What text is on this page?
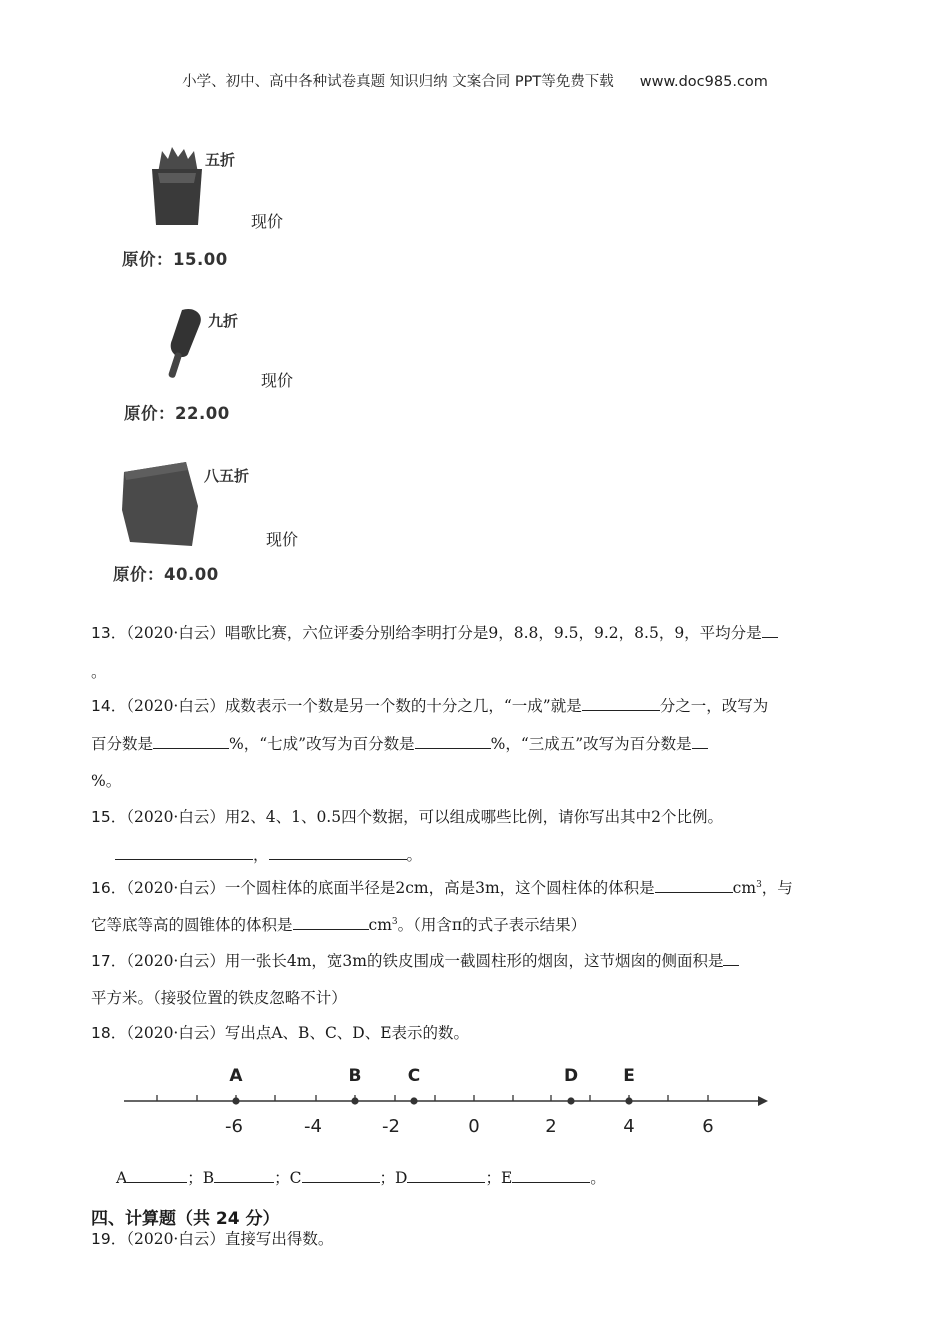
小学、初中、高中各种试卷真题 知识归纳 文案合同 PPT等免费下载 www.doc985.com
五折
现价
原价：15.00
九折
现价
原价：22.00
八五折
现价
原价：40.00
13．（2020·白云）唱歌比赛，六位评委分别给李明打分是9，8.8，9.5，9.2，8.5，9，平均分是
。
14．（2020·白云）成数表示一个数是另一个数的十分之几，“一成”就是	分之一，改写为
百分数是	%，“七成”改写为百分数是	%，“三成五”改写为百分数是
%。
15．（2020·白云）用2、4、1、0.5四个数据，可以组成哪些比例，请你写出其中2个比例。
，	。
16．（2020·白云）一个圆柱体的底面半径是2cm，高是3m，这个圆柱体的体积是	$cm^3$，与
它等底等高的圆锥体的体积是	$cm^3$。（用含π的式子表示结果）
17．（2020·白云）用一张长4m，宽3m的铁皮围成一截圆柱形的烟囱，这节烟囱的侧面积是
平方米。（接驳位置的铁皮忽略不计）
18．（2020·白云）写出点A、B、C、D、E表示的数。
-6	-4	-2	0	2	4	6
A	B	C	D	E
A	；B	；C	；D	；E	。
四、计算题（共 24 分）
19．（2020·白云）直接写出得数。
